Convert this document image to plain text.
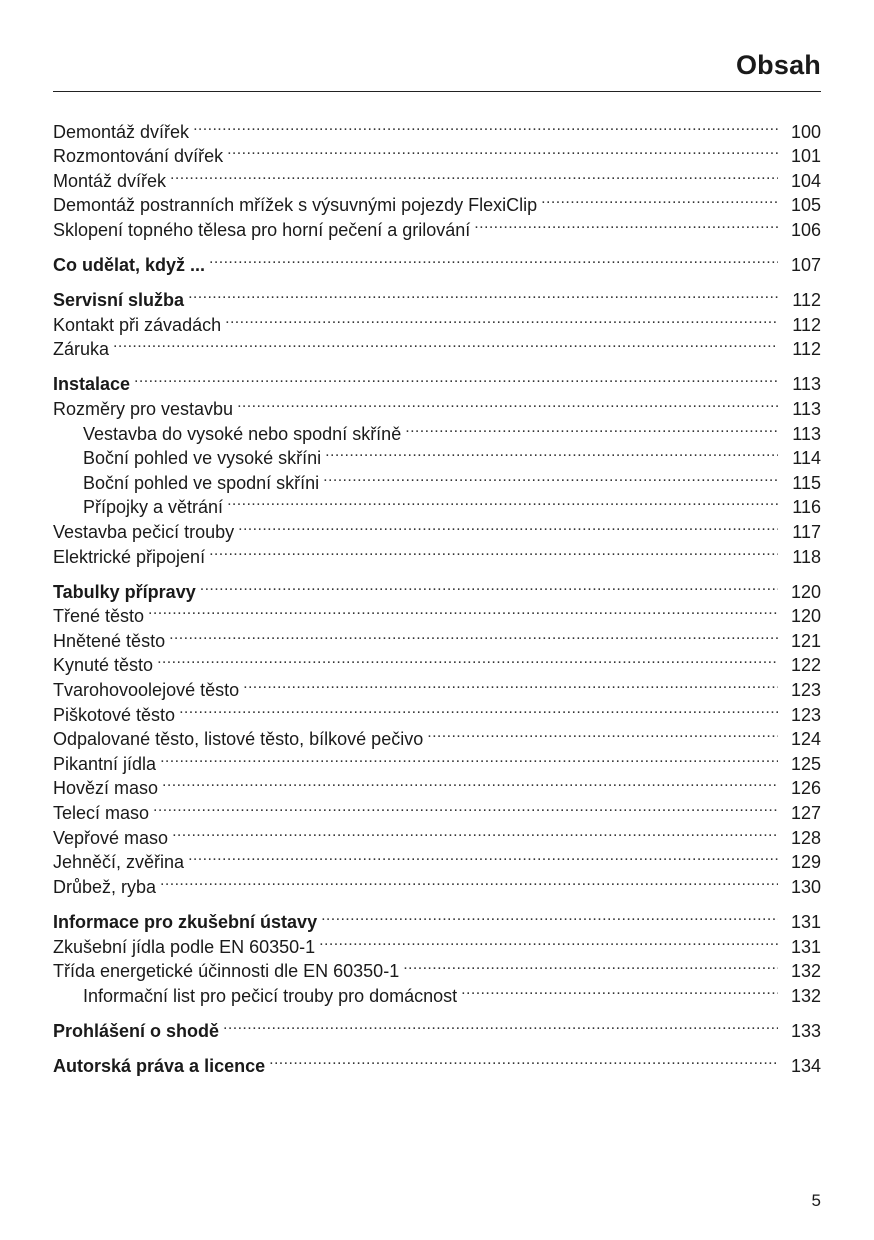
Obsah
Demontáž dvířek .....	100
Rozmontování dvířek .....	101
Montáž dvířek .....	104
Demontáž postranních mřížek s výsuvnými pojezdy FlexiClip .....	105
Sklopení topného tělesa pro horní pečení a grilování .....	106
Co udělat, když ... .....	107
Servisní služba .....	112
Kontakt při závadách .....	112
Záruka .....	112
Instalace .....	113
Rozměry pro vestavbu .....	113
Vestavba do vysoké nebo spodní skříně .....	113
Boční pohled ve vysoké skříni .....	114
Boční pohled ve spodní skříni .....	115
Přípojky a větrání .....	116
Vestavba pečicí trouby .....	117
Elektrické připojení .....	118
Tabulky přípravy .....	120
Třené těsto .....	120
Hnětené těsto .....	121
Kynuté těsto .....	122
Tvarohovoolejové těsto .....	123
Piškotové těsto .....	123
Odpalované těsto, listové těsto, bílkové pečivo .....	124
Pikantní jídla .....	125
Hovězí maso .....	126
Telecí maso .....	127
Vepřové maso .....	128
Jehněčí, zvěřina .....	129
Drůbež, ryba .....	130
Informace pro zkušební ústavy .....	131
Zkušební jídla podle EN 60350-1 .....	131
Třída energetické účinnosti dle EN 60350-1 .....	132
Informační list pro pečicí trouby pro domácnost .....	132
Prohlášení o shodě .....	133
Autorská práva a licence .....	134
5
